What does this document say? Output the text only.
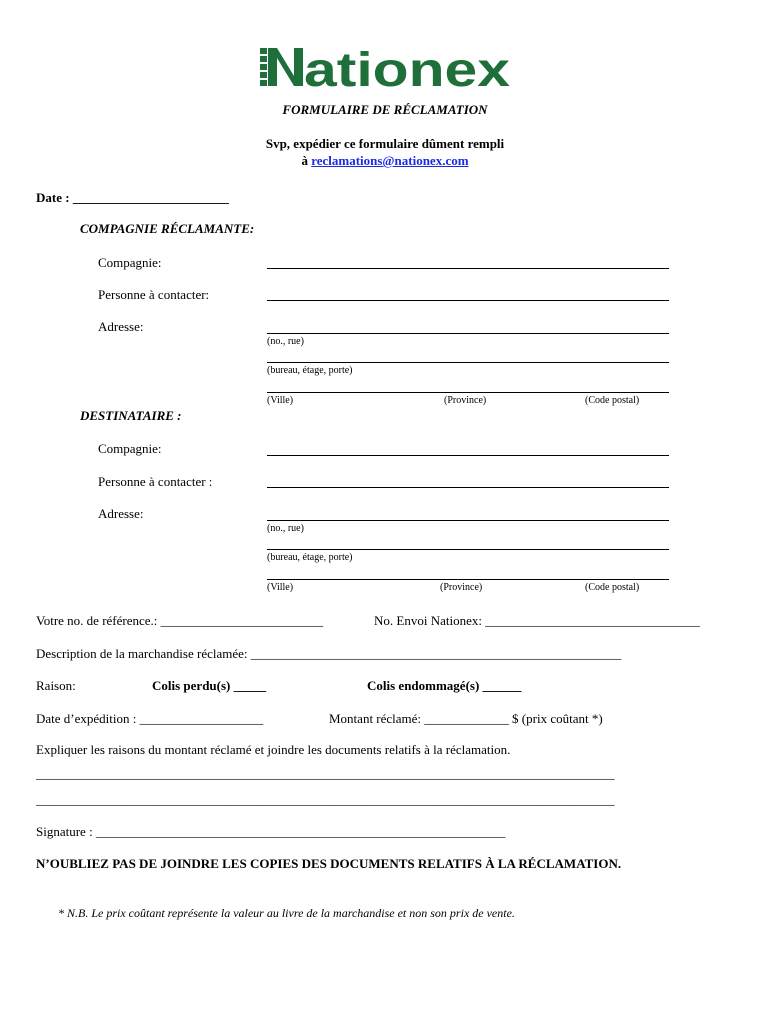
ationex
FORMULAIRE DE RÉCLAMATION
Svp, expédier ce formulaire dûment rempli
à reclamations@nationex.com
Date : ________________________
COMPAGNIE RÉCLAMANTE:
Compagnie:
Personne à contacter:
Adresse:
(no., rue)
(bureau, étage, porte)
(Ville)	(Province)	(Code postal)
DESTINATAIRE :
Compagnie:
Personne à contacter :
Adresse:
(no., rue)
(bureau, étage, porte)
(Ville)	(Province)	(Code postal)
Votre no. de référence.: _________________________	No. Envoi Nationex: _________________________________
Description de la marchandise réclamée: _________________________________________________________
Raison:	Colis perdu(s) _____	Colis endommagé(s) ______
Date d’expédition : ___________________	Montant réclamé: _____________ $ (prix coûtant *)
Expliquer les raisons du montant réclamé et joindre les documents relatifs à la réclamation.
_________________________________________________________________________________________
_________________________________________________________________________________________
Signature : _______________________________________________________________
N’OUBLIEZ PAS DE JOINDRE LES COPIES DES DOCUMENTS RELATIFS À LA RÉCLAMATION.
* N.B. Le prix coûtant représente la valeur au livre de la marchandise et non son prix de vente.
